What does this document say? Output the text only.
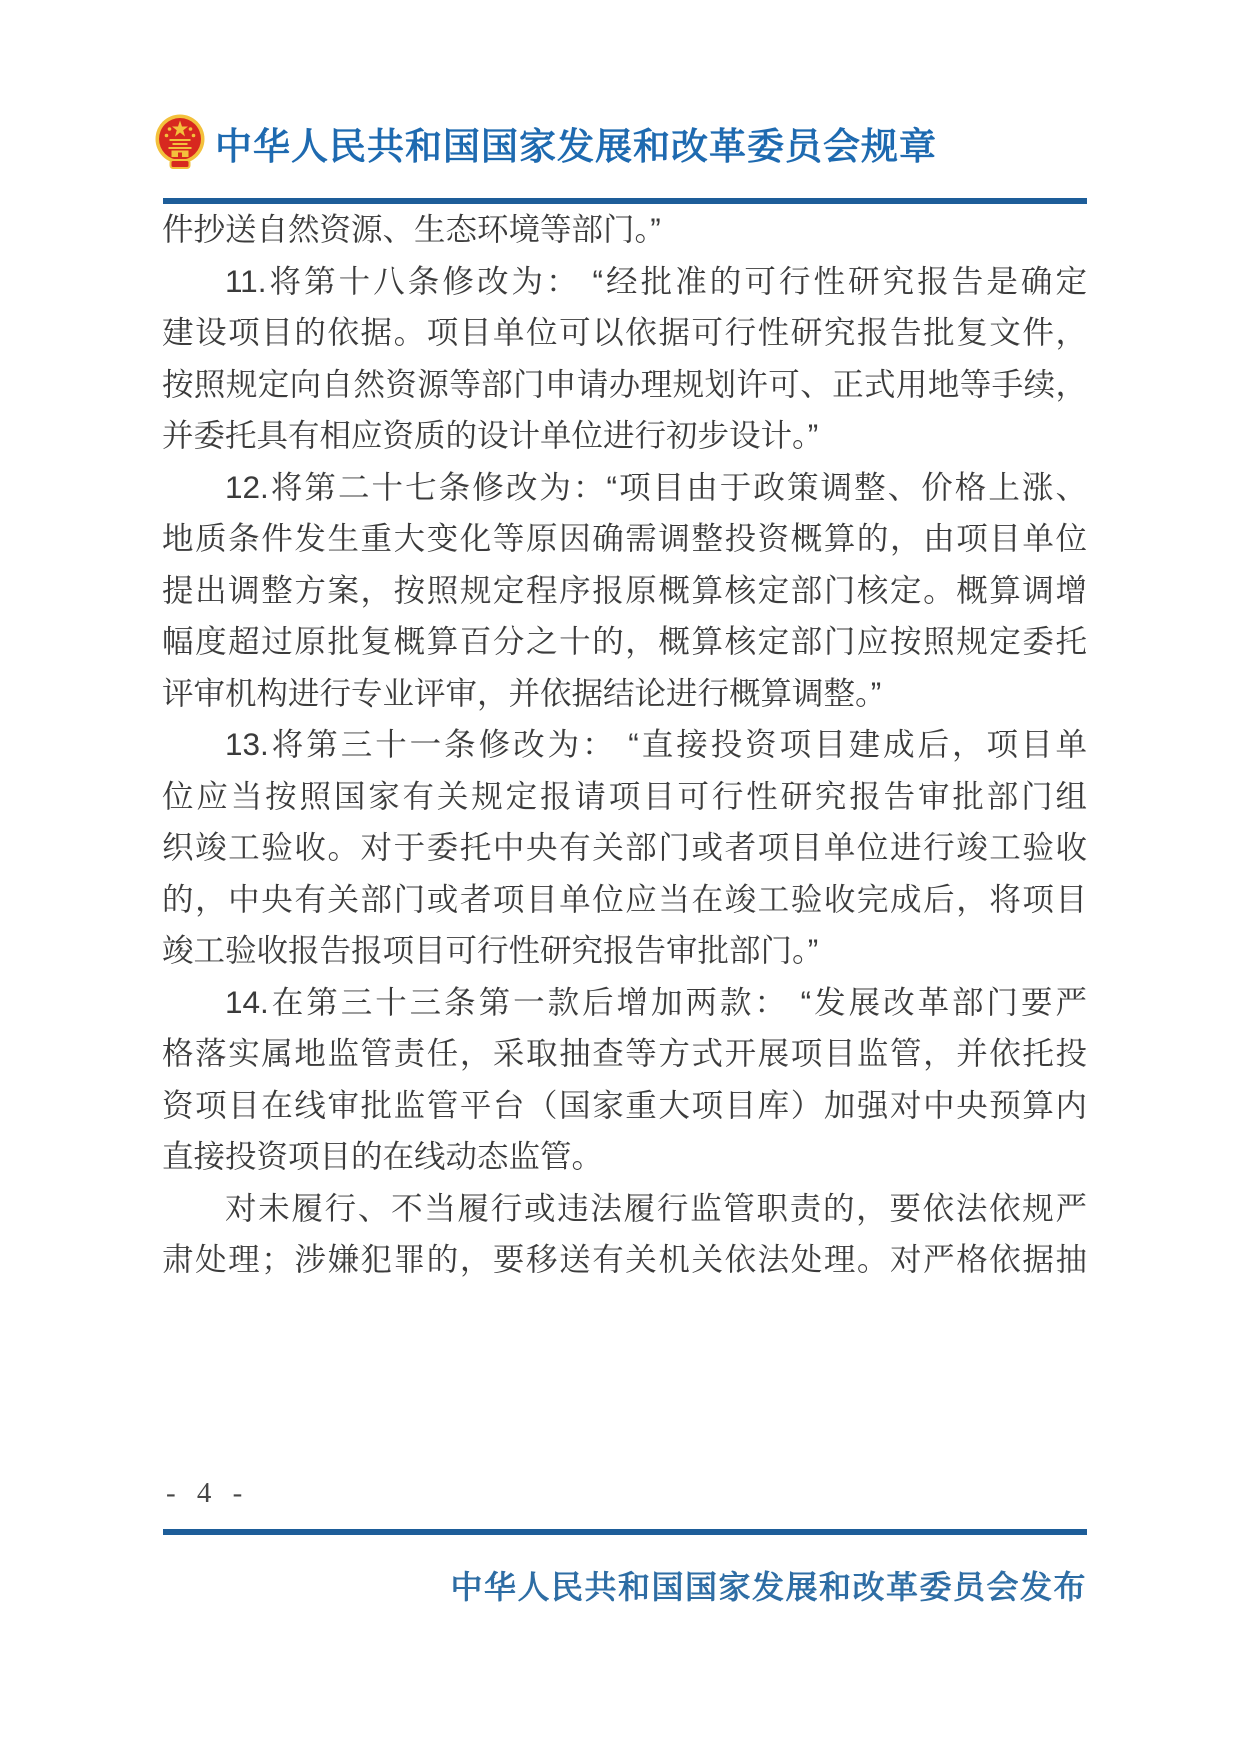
中华人民共和国国家发展和改革委员会规章
件抄送自然资源、生态环境等部门。”
11.将第十八条修改为： “经批准的可行性研究报告是确定
建设项目的依据。项目单位可以依据可行性研究报告批复文件，
按照规定向自然资源等部门申请办理规划许可、正式用地等手续，
并委托具有相应资质的设计单位进行初步设计。”
12.将第二十七条修改为：“项目由于政策调整、价格上涨、
地质条件发生重大变化等原因确需调整投资概算的，由项目单位
提出调整方案，按照规定程序报原概算核定部门核定。概算调增
幅度超过原批复概算百分之十的，概算核定部门应按照规定委托
评审机构进行专业评审，并依据结论进行概算调整。”
13.将第三十一条修改为： “直接投资项目建成后，项目单
位应当按照国家有关规定报请项目可行性研究报告审批部门组
织竣工验收。对于委托中央有关部门或者项目单位进行竣工验收
的，中央有关部门或者项目单位应当在竣工验收完成后，将项目
竣工验收报告报项目可行性研究报告审批部门。”
14.在第三十三条第一款后增加两款： “发展改革部门要严
格落实属地监管责任，采取抽查等方式开展项目监管，并依托投
资项目在线审批监管平台（国家重大项目库）加强对中央预算内
直接投资项目的在线动态监管。
对未履行、不当履行或违法履行监管职责的，要依法依规严
肃处理；涉嫌犯罪的，要移送有关机关依法处理。对严格依据抽
- 4 -
中华人民共和国国家发展和改革委员会发布
